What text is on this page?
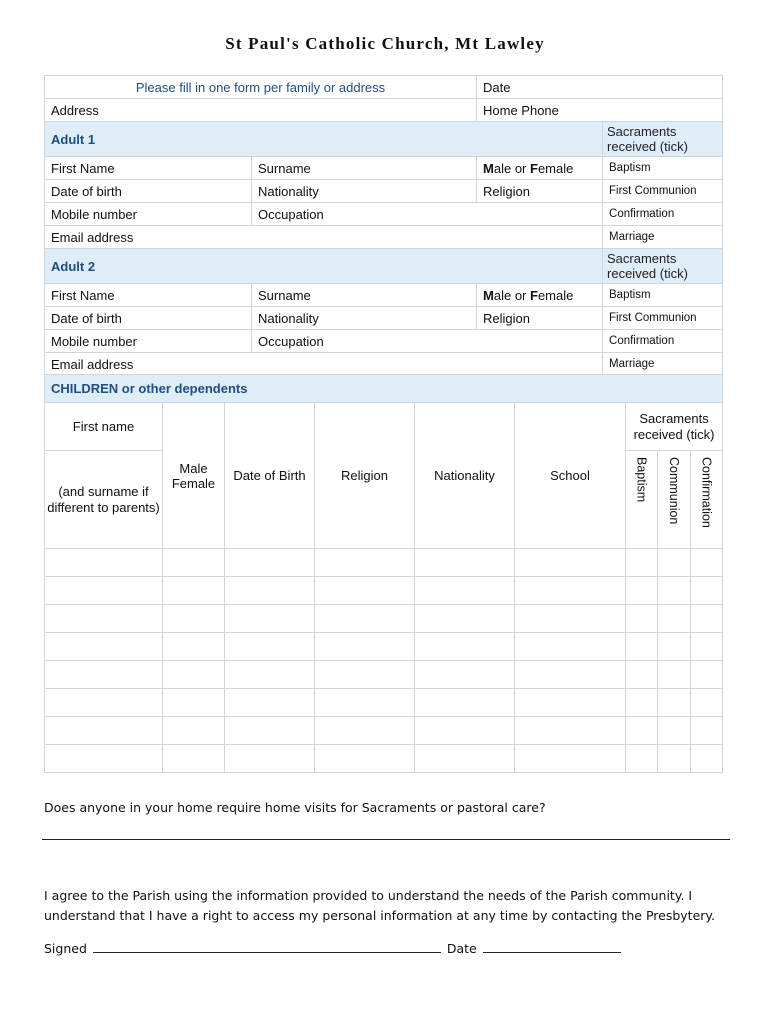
St Paul's Catholic Church, Mt Lawley
Please fill in one form per family or address		Date	
Address		Home Phone	
Adult 1			Sacraments received (tick)
First Name	Surname	Male or Female	Baptism
Date of birth	Nationality	Religion	First Communion
Mobile number	Occupation		Confirmation
Email address			Marriage
Adult 2			Sacraments received (tick)
First Name	Surname	Male or Female	Baptism
Date of birth	Nationality	Religion	First Communion
Mobile number	Occupation		Confirmation
Email address			Marriage
CHILDREN or other dependents								
First name	Male Female	Date of Birth	Religion	Nationality	School	Sacraments received (tick)		
(and surname if different to parents)						Baptism	Communion	Confirmation

Does anyone in your home require home visits for Sacraments or pastoral care?
I agree to the Parish using the information provided to understand the needs of the Parish community. I understand that I have a right to access my personal information at any time by contacting the Presbytery.
Signed	Date
